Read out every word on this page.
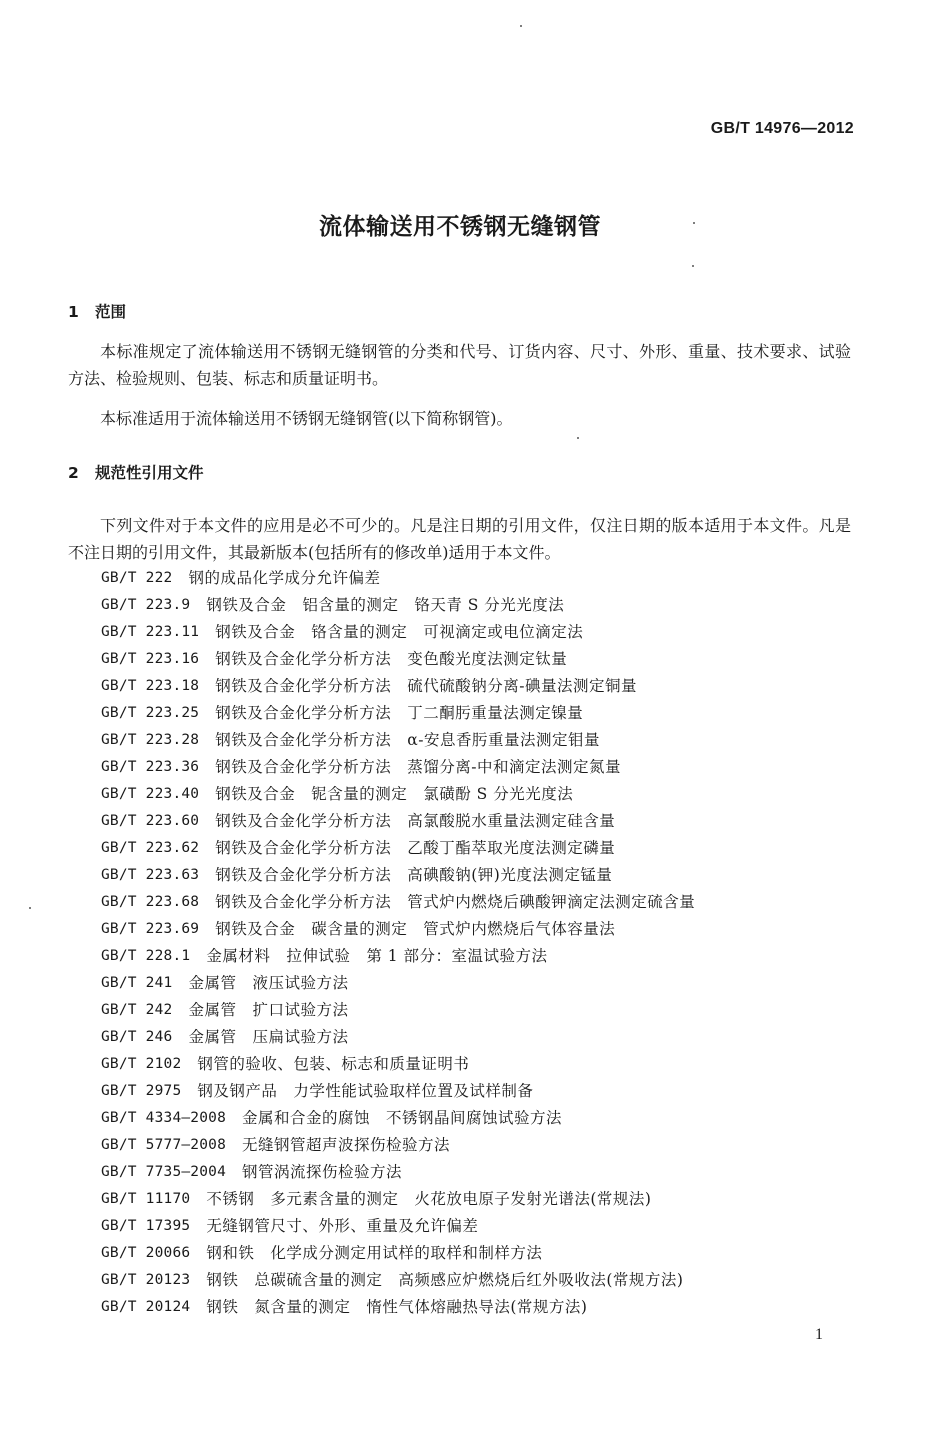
GB/T 14976—2012
流体输送用不锈钢无缝钢管
1 范围

本标准规定了流体输送用不锈钢无缝钢管的分类和代号、订货内容、尺寸、外形、重量、技术要求、试验方法、检验规则、包装、标志和质量证明书。

本标准适用于流体输送用不锈钢无缝钢管(以下简称钢管)。

2 规范性引用文件

下列文件对于本文件的应用是必不可少的。凡是注日期的引用文件，仅注日期的版本适用于本文件。凡是不注日期的引用文件，其最新版本(包括所有的修改单)适用于本文件。

GB/T 222 钢的成品化学成分允许偏差
GB/T 223.9 钢铁及合金　铝含量的测定　铬天青 S 分光光度法
GB/T 223.11 钢铁及合金　铬含量的测定　可视滴定或电位滴定法
GB/T 223.16 钢铁及合金化学分析方法　变色酸光度法测定钛量
GB/T 223.18 钢铁及合金化学分析方法　硫代硫酸钠分离-碘量法测定铜量
GB/T 223.25 钢铁及合金化学分析方法　丁二酮肟重量法测定镍量
GB/T 223.28 钢铁及合金化学分析方法　α-安息香肟重量法测定钼量
GB/T 223.36 钢铁及合金化学分析方法　蒸馏分离-中和滴定法测定氮量
GB/T 223.40 钢铁及合金　铌含量的测定　氯磺酚 S 分光光度法
GB/T 223.60 钢铁及合金化学分析方法　高氯酸脱水重量法测定硅含量
GB/T 223.62 钢铁及合金化学分析方法　乙酸丁酯萃取光度法测定磷量
GB/T 223.63 钢铁及合金化学分析方法　高碘酸钠(钾)光度法测定锰量
GB/T 223.68 钢铁及合金化学分析方法　管式炉内燃烧后碘酸钾滴定法测定硫含量
GB/T 223.69 钢铁及合金　碳含量的测定　管式炉内燃烧后气体容量法
GB/T 228.1 金属材料　拉伸试验　第 1 部分：室温试验方法
GB/T 241 金属管　液压试验方法
GB/T 242 金属管　扩口试验方法
GB/T 246 金属管　压扁试验方法
GB/T 2102 钢管的验收、包装、标志和质量证明书
GB/T 2975 钢及钢产品　力学性能试验取样位置及试样制备
GB/T 4334—2008 金属和合金的腐蚀　不锈钢晶间腐蚀试验方法
GB/T 5777—2008 无缝钢管超声波探伤检验方法
GB/T 7735—2004 钢管涡流探伤检验方法
GB/T 11170 不锈钢　多元素含量的测定　火花放电原子发射光谱法(常规法)
GB/T 17395 无缝钢管尺寸、外形、重量及允许偏差
GB/T 20066 钢和铁　化学成分测定用试样的取样和制样方法
GB/T 20123 钢铁　总碳硫含量的测定　高频感应炉燃烧后红外吸收法(常规方法)
GB/T 20124 钢铁　氮含量的测定　惰性气体熔融热导法(常规方法)
1
